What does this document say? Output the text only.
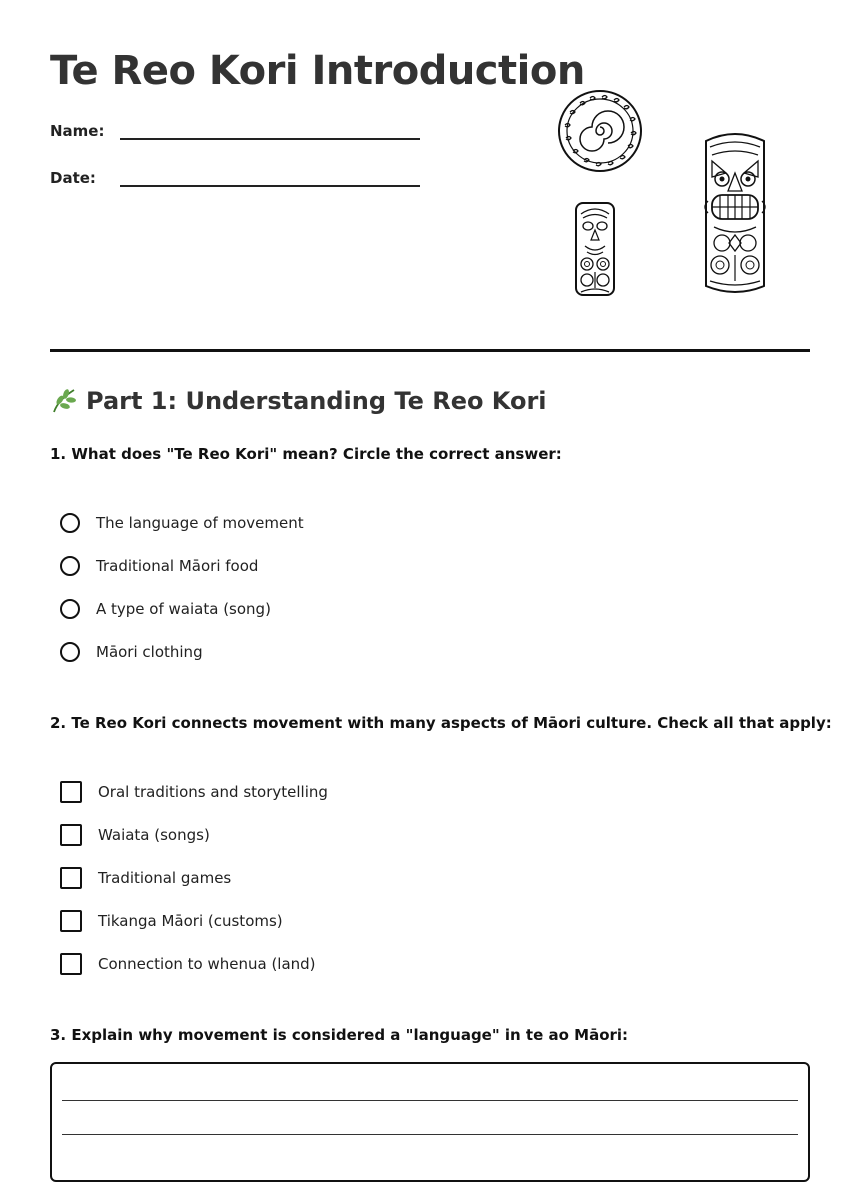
Te Reo Kori Introduction
Name:
Date:
Part 1: Understanding Te Reo Kori
1. What does "Te Reo Kori" mean? Circle the correct answer:
The language of movement
Traditional Māori food
A type of waiata (song)
Māori clothing
2. Te Reo Kori connects movement with many aspects of Māori culture. Check all that apply:
Oral traditions and storytelling
Waiata (songs)
Traditional games
Tikanga Māori (customs)
Connection to whenua (land)
3. Explain why movement is considered a "language" in te ao Māori:
